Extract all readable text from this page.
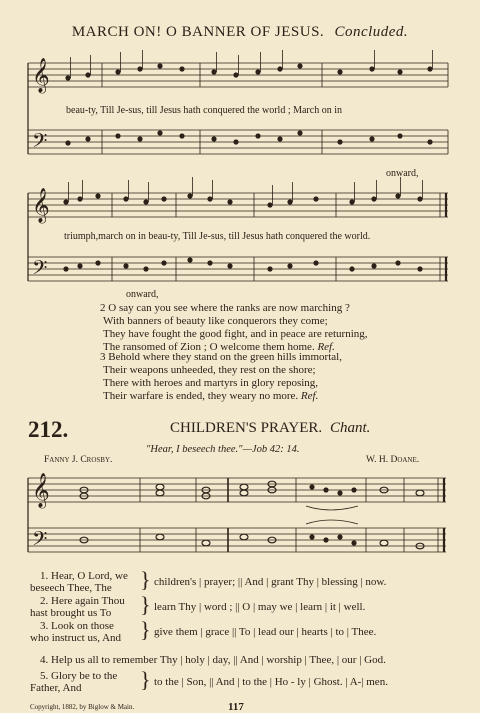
MARCH ON! O BANNER OF JESUS. Concluded.
𝄞
𝄢
beau-ty, Till Je-sus, till Jesus hath conquered the world ; March on in
onward,
𝄞
𝄢
triumph,march on in beau-ty, Till Je-sus, till Jesus hath conquered the world.
onward,
2 O say can you see where the ranks are now marching ?
With banners of beauty like conquerors they come;
They have fought the good fight, and in peace are returning,
The ransomed of Zion ; O welcome them home. Ref.
3 Behold where they stand on the green hills immortal,
Their weapons unheeded, they rest on the shore;
There with heroes and martyrs in glory reposing,
Their warfare is ended, they weary no more. Ref.
212.	CHILDREN'S PRAYER. Chant.
"Hear, I beseech thee."—Job 42: 14.
Fanny J. Crosby.	W. H. Doane.
𝄞
𝄢
1. Hear, O Lord, we
beseech Thee, The } children's | prayer; || And | grant Thy | blessing | now.
2. Here again Thou
hast brought us To } learn Thy | word ; || O | may we | learn | it | well.
3. Look on those
who instruct us, And } give them | grace || To | lead our | hearts | to | Thee.
4. Help us all to remember Thy | holy | day, || And | worship | Thee, | our | God.
5. Glory be to the
Father, And	} to the | Son, || And | to the | Ho - ly | Ghost. | A-| men.
Copyright, 1882, by Biglow & Main.	117
